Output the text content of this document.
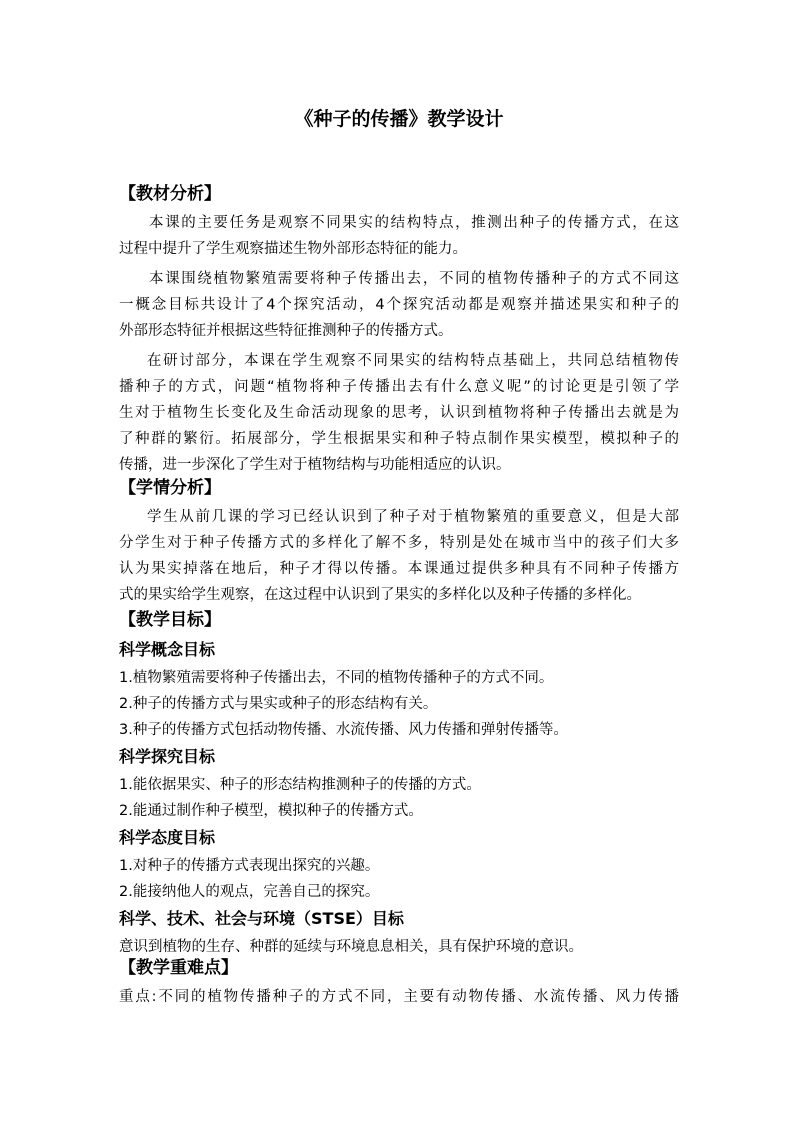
《种子的传播》教学设计
【教材分析】
本课的主要任务是观察不同果实的结构特点，推测出种子的传播方式，在这
过程中提升了学生观察描述生物外部形态特征的能力。
本课围绕植物繁殖需要将种子传播出去，不同的植物传播种子的方式不同这
一概念目标共设计了4个探究活动，4个探究活动都是观察并描述果实和种子的
外部形态特征并根据这些特征推测种子的传播方式。
在研讨部分，本课在学生观察不同果实的结构特点基础上，共同总结植物传
播种子的方式，问题“植物将种子传播出去有什么意义呢”的讨论更是引领了学
生对于植物生长变化及生命活动现象的思考，认识到植物将种子传播出去就是为
了种群的繁衍。拓展部分，学生根据果实和种子特点制作果实模型，模拟种子的
传播，进一步深化了学生对于植物结构与功能相适应的认识。
【学情分析】
学生从前几课的学习已经认识到了种子对于植物繁殖的重要意义，但是大部
分学生对于种子传播方式的多样化了解不多，特别是处在城市当中的孩子们大多
认为果实掉落在地后，种子才得以传播。本课通过提供多种具有不同种子传播方
式的果实给学生观察，在这过程中认识到了果实的多样化以及种子传播的多样化。
【教学目标】
科学概念目标
1.植物繁殖需要将种子传播出去，不同的植物传播种子的方式不同。
2.种子的传播方式与果实或种子的形态结构有关。
3.种子的传播方式包括动物传播、水流传播、风力传播和弹射传播等。
科学探究目标
1.能依据果实、种子的形态结构推测种子的传播的方式。
2.能通过制作种子模型，模拟种子的传播方式。
科学态度目标
1.对种子的传播方式表现出探究的兴趣。
2.能接纳他人的观点，完善自己的探究。
科学、技术、社会与环境（STSE）目标
意识到植物的生存、种群的延续与环境息息相关，具有保护环境的意识。
【教学重难点】
重点:不同的植物传播种子的方式不同，主要有动物传播、水流传播、风力传播
